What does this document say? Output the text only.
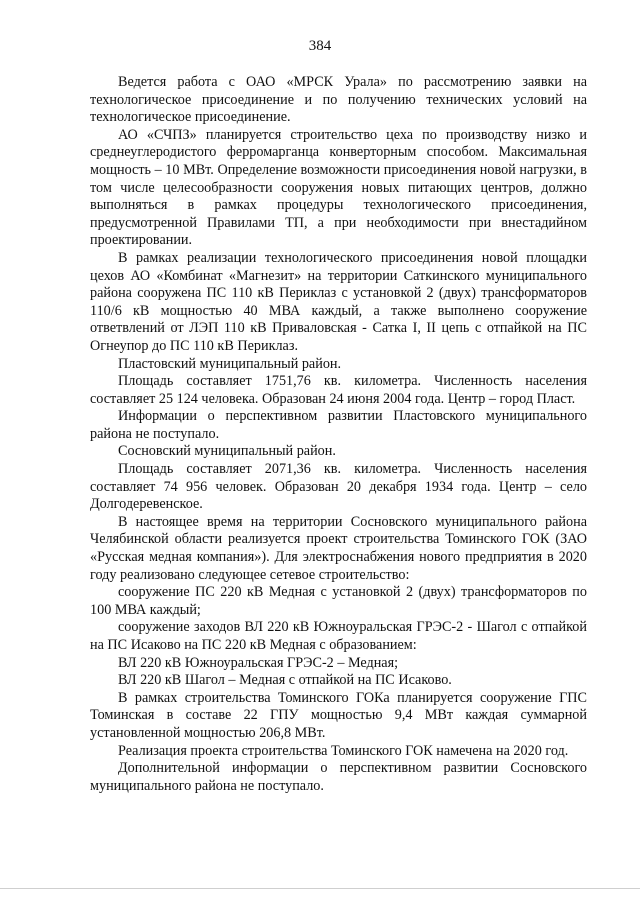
384

Ведется работа с ОАО «МРСК Урала» по рассмотрению заявки на технологическое присоединение и по получению технических условий на технологическое присоединение.

АО «СЧПЗ» планируется строительство цеха по производству низко и среднеуглеродистого ферромарганца конверторным способом. Максимальная мощность – 10 МВт. Определение возможности присоединения новой нагрузки, в том числе целесообразности сооружения новых питающих центров, должно выполняться в рамках процедуры технологического присоединения, предусмотренной Правилами ТП, а при необходимости при внестадийном проектировании.

В рамках реализации технологического присоединения новой площадки цехов АО «Комбинат «Магнезит» на территории Саткинского муниципального района сооружена ПС 110 кВ Периклаз с установкой 2 (двух) трансформаторов 110/6 кВ мощностью 40 МВА каждый, а также выполнено сооружение ответвлений от ЛЭП 110 кВ Приваловская - Сатка I, II цепь с отпайкой на ПС Огнеупор до ПС 110 кВ Периклаз.

Пластовский муниципальный район.

Площадь составляет 1751,76 кв. километра. Численность населения составляет 25 124 человека. Образован 24 июня 2004 года. Центр – город Пласт.

Информации о перспективном развитии Пластовского муниципального района не поступало.

Сосновский муниципальный район.

Площадь составляет 2071,36 кв. километра. Численность населения составляет 74 956 человек. Образован 20 декабря 1934 года. Центр – село Долгодеревенское.

В настоящее время на территории Сосновского муниципального района Челябинской области реализуется проект строительства Томинского ГОК (ЗАО «Русская медная компания»). Для электроснабжения нового предприятия в 2020 году реализовано следующее сетевое строительство:

сооружение ПС 220 кВ Медная с установкой 2 (двух) трансформаторов по 100 МВА каждый;

сооружение заходов ВЛ 220 кВ Южноуральская ГРЭС-2 - Шагол с отпайкой на ПС Исаково на ПС 220 кВ Медная с образованием:

ВЛ 220 кВ Южноуральская ГРЭС-2 – Медная;

ВЛ 220 кВ Шагол – Медная с отпайкой на ПС Исаково.

В рамках строительства Томинского ГОКа планируется сооружение ГПС Томинская в составе 22 ГПУ мощностью 9,4 МВт каждая суммарной установленной мощностью 206,8 МВт.

Реализация проекта строительства Томинского ГОК намечена на 2020 год.

Дополнительной информации о перспективном развитии Сосновского муниципального района не поступало.
